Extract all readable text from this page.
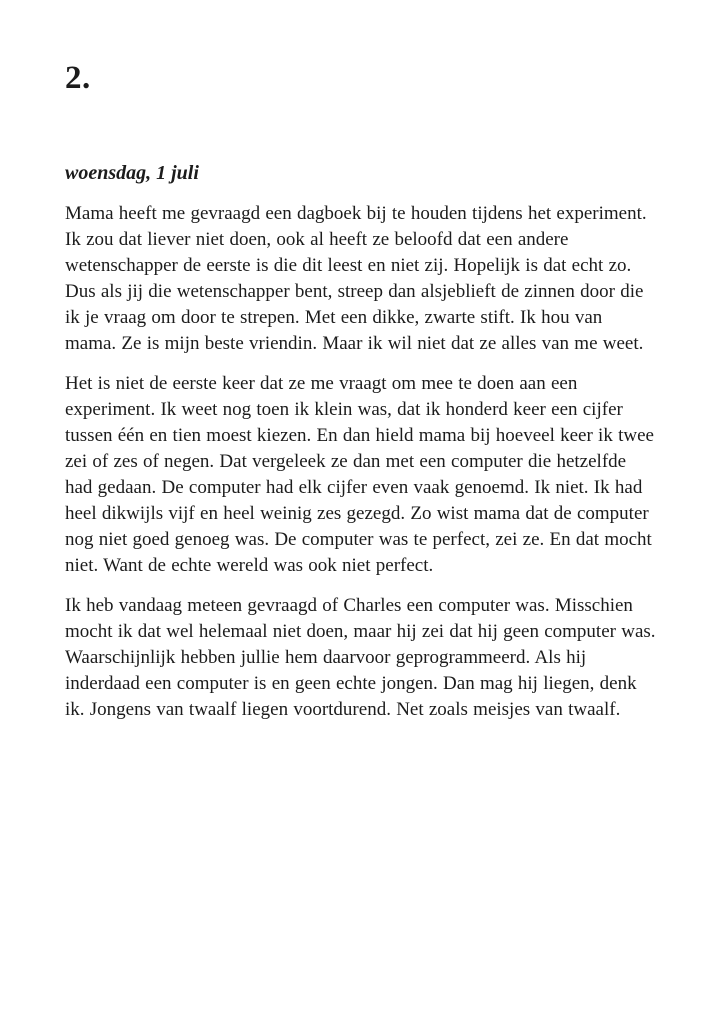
2.
woensdag, 1 juli

Mama heeft me gevraagd een dagboek bij te houden tijdens het experiment. Ik zou dat liever niet doen, ook al heeft ze beloofd dat een andere wetenschapper de eerste is die dit leest en niet zij. Hopelijk is dat echt zo. Dus als jij die wetenschapper bent, streep dan alsjeblieft de zinnen door die ik je vraag om door te strepen. Met een dikke, zwarte stift. Ik hou van mama. Ze is mijn beste vriendin. Maar ik wil niet dat ze alles van me weet.

Het is niet de eerste keer dat ze me vraagt om mee te doen aan een experiment. Ik weet nog toen ik klein was, dat ik honderd keer een cijfer tussen één en tien moest kiezen. En dan hield mama bij hoeveel keer ik twee zei of zes of negen. Dat vergeleek ze dan met een computer die hetzelfde had gedaan. De computer had elk cijfer even vaak genoemd. Ik niet. Ik had heel dikwijls vijf en heel weinig zes gezegd. Zo wist mama dat de computer nog niet goed genoeg was. De computer was te perfect, zei ze. En dat mocht niet. Want de echte wereld was ook niet perfect.

Ik heb vandaag meteen gevraagd of Charles een computer was. Misschien mocht ik dat wel helemaal niet doen, maar hij zei dat hij geen computer was. Waarschijnlijk hebben jullie hem daarvoor geprogrammeerd. Als hij inderdaad een computer is en geen echte jongen. Dan mag hij liegen, denk ik. Jongens van twaalf liegen voortdurend. Net zoals meisjes van twaalf.
